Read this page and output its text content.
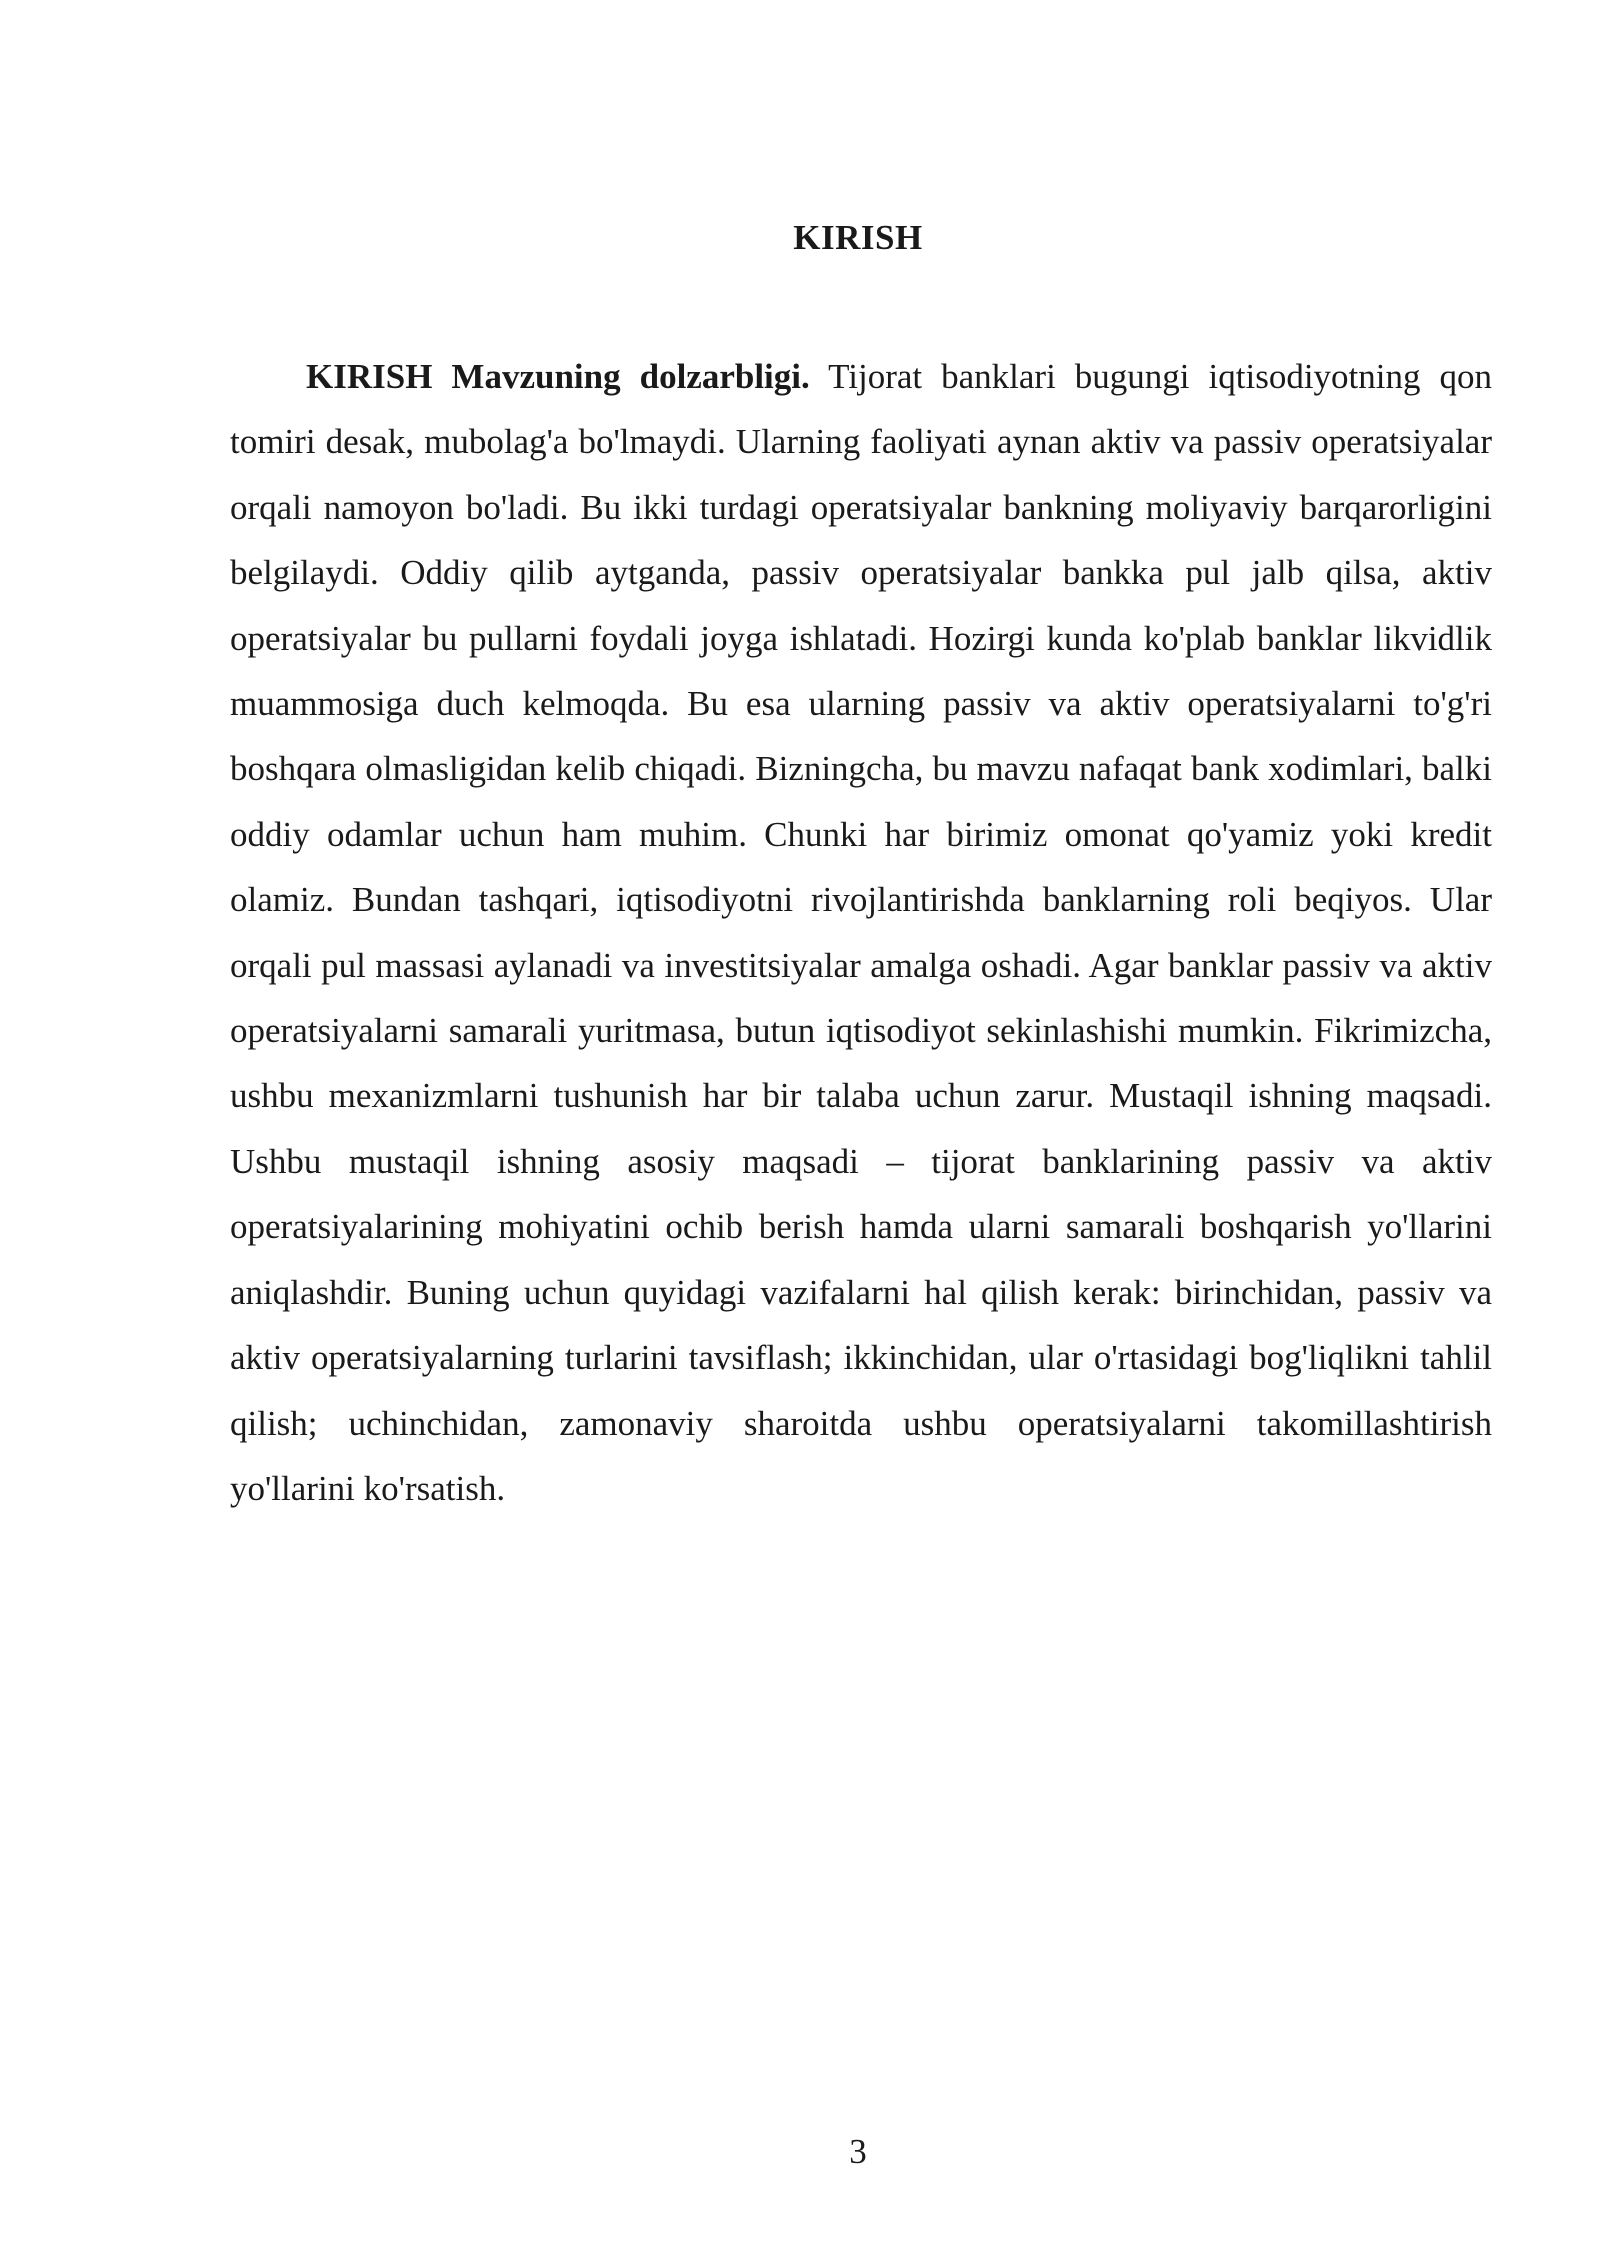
KIRISH

KIRISH Mavzuning dolzarbligi. Tijorat banklari bugungi iqtisodiyotning qon tomiri desak, mubolag'a bo'lmaydi. Ularning faoliyati aynan aktiv va passiv operatsiyalar orqali namoyon bo'ladi. Bu ikki turdagi operatsiyalar bankning moliyaviy barqarorligini belgilaydi. Oddiy qilib aytganda, passiv operatsiyalar bankka pul jalb qilsa, aktiv operatsiyalar bu pullarni foydali joyga ishlatadi. Hozirgi kunda ko'plab banklar likvidlik muammosiga duch kelmoqda. Bu esa ularning passiv va aktiv operatsiyalarni to'g'ri boshqara olmasligidan kelib chiqadi. Bizningcha, bu mavzu nafaqat bank xodimlari, balki oddiy odamlar uchun ham muhim. Chunki har birimiz omonat qo'yamiz yoki kredit olamiz. Bundan tashqari, iqtisodiyotni rivojlantirishda banklarning roli beqiyos. Ular orqali pul massasi aylanadi va investitsiyalar amalga oshadi. Agar banklar passiv va aktiv operatsiyalarni samarali yuritmasa, butun iqtisodiyot sekinlashishi mumkin. Fikrimizcha, ushbu mexanizmlarni tushunish har bir talaba uchun zarur. Mustaqil ishning maqsadi. Ushbu mustaqil ishning asosiy maqsadi – tijorat banklarining passiv va aktiv operatsiyalarining mohiyatini ochib berish hamda ularni samarali boshqarish yo'llarini aniqlashdir. Buning uchun quyidagi vazifalarni hal qilish kerak: birinchidan, passiv va aktiv operatsiyalarning turlarini tavsiflash; ikkinchidan, ular o'rtasidagi bog'liqlikni tahlil qilish; uchinchidan, zamonaviy sharoitda ushbu operatsiyalarni takomillashtirish yo'llarini ko'rsatish.

3
